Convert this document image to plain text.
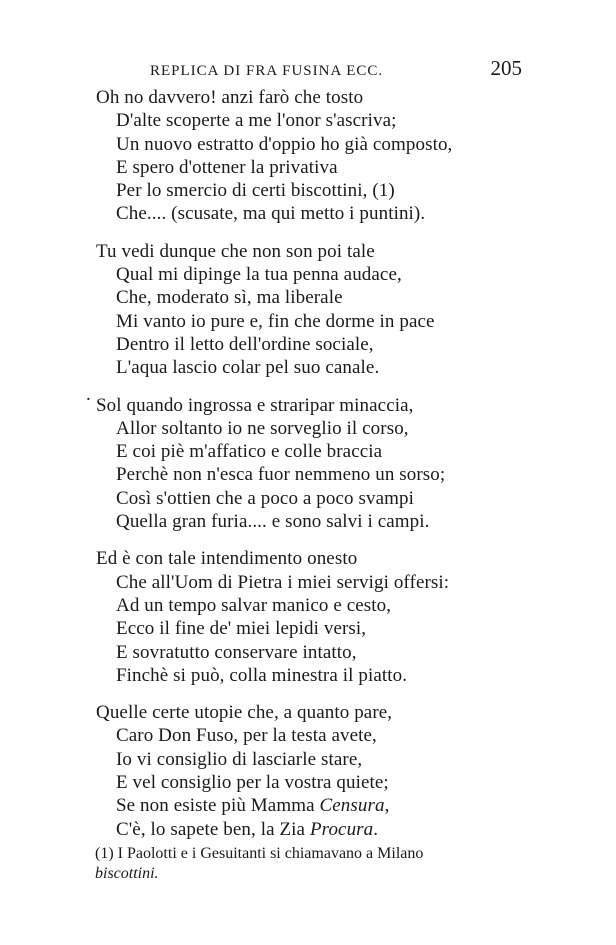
REPLICA DI FRA FUSINA ECC.	205
.
Oh no davvero! anzi farò che tosto
D'alte scoperte a me l'onor s'ascriva;
Un nuovo estratto d'oppio ho già composto,
E spero d'ottener la privativa
Per lo smercio di certi biscottini, (1)
Che.... (scusate, ma qui metto i puntini).
Tu vedi dunque che non son poi tale
Qual mi dipinge la tua penna audace,
Che, moderato sì, ma liberale
Mi vanto io pure e, fin che dorme in pace
Dentro il letto dell'ordine sociale,
L'aqua lascio colar pel suo canale.
Sol quando ingrossa e straripar minaccia,
Allor soltanto io ne sorveglio il corso,
E coi piè m'affatico e colle braccia
Perchè non n'esca fuor nemmeno un sorso;
Così s'ottien che a poco a poco svampi
Quella gran furia.... e sono salvi i campi.
Ed è con tale intendimento onesto
Che all'Uom di Pietra i miei servigi offersi:
Ad un tempo salvar manico e cesto,
Ecco il fine de' miei lepidi versi,
E sovratutto conservare intatto,
Finchè si può, colla minestra il piatto.
Quelle certe utopie che, a quanto pare,
Caro Don Fuso, per la testa avete,
Io vi consiglio di lasciarle stare,
E vel consiglio per la vostra quiete;
Se non esiste più Mamma Censura,
C'è, lo sapete ben, la Zia Procura.
(1) I Paolotti e i Gesuitanti si chiamavano a Milano
biscottini.
